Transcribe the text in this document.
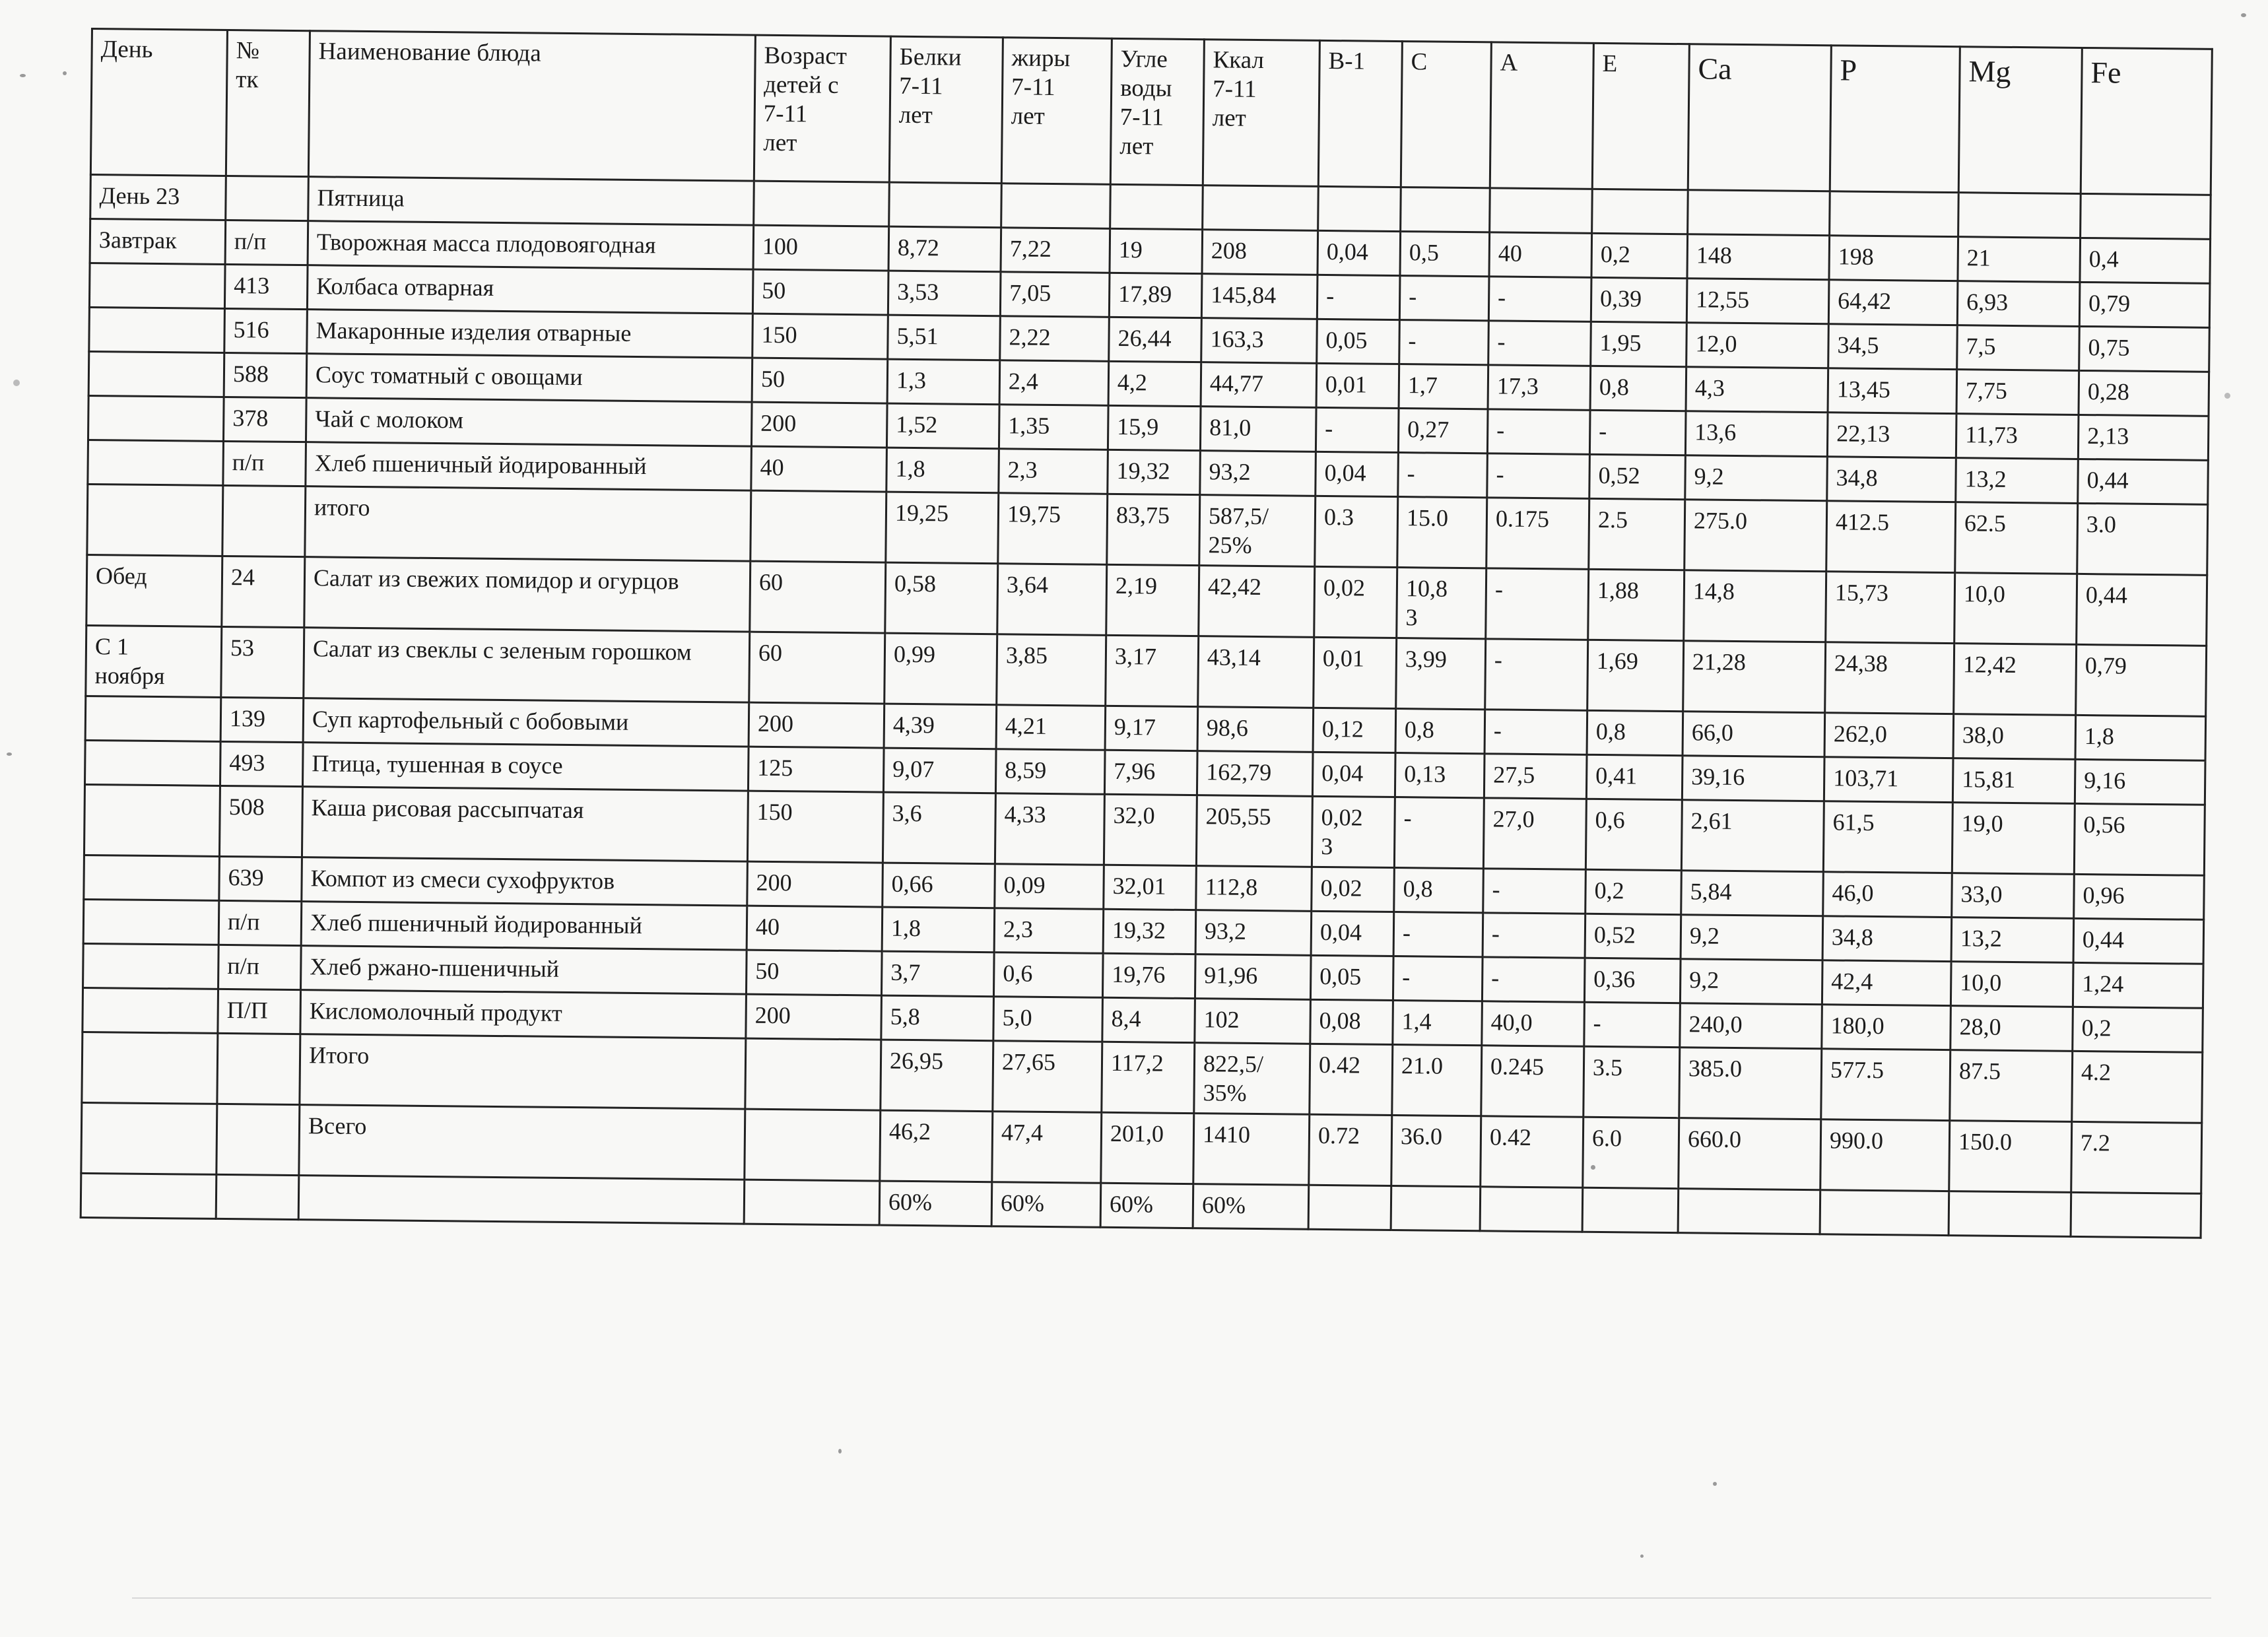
День	№
тк	Наименование блюда	Возраст
детей с
7-11
лет	Белки
7-11
лет	жиры
7-11
лет	Угле
воды
7-11
лет	Ккал
7-11
лет	В-1	С	А	Е	Са	Р	Mg	Fe
День 23		Пятница													
Завтрак	п/п	Творожная масса плодовоягодная	100	8,72	7,22	19	208	0,04	0,5	40	0,2	148	198	21	0,4
	413	Колбаса отварная	50	3,53	7,05	17,89	145,84	-	-	-	0,39	12,55	64,42	6,93	0,79
	516	Макаронные изделия отварные	150	5,51	2,22	26,44	163,3	0,05	-	-	1,95	12,0	34,5	7,5	0,75
	588	Соус томатный с овощами	50	1,3	2,4	4,2	44,77	0,01	1,7	17,3	0,8	4,3	13,45	7,75	0,28
	378	Чай с молоком	200	1,52	1,35	15,9	81,0	-	0,27	-	-	13,6	22,13	11,73	2,13
	п/п	Хлеб пшеничный йодированный	40	1,8	2,3	19,32	93,2	0,04	-	-	0,52	9,2	34,8	13,2	0,44
		итого		19,25	19,75	83,75	587,5/
25%	0.3	15.0	0.175	2.5	275.0	412.5	62.5	3.0
Обед	24	Салат из свежих помидор и огурцов	60	0,58	3,64	2,19	42,42	0,02	10,8
3	-	1,88	14,8	15,73	10,0	0,44
С 1
ноября	53	Салат из свеклы с зеленым горошком	60	0,99	3,85	3,17	43,14	0,01	3,99	-	1,69	21,28	24,38	12,42	0,79
	139	Суп картофельный с бобовыми	200	4,39	4,21	9,17	98,6	0,12	0,8	-	0,8	66,0	262,0	38,0	1,8
	493	Птица, тушенная в соусе	125	9,07	8,59	7,96	162,79	0,04	0,13	27,5	0,41	39,16	103,71	15,81	9,16
	508	Каша рисовая рассыпчатая	150	3,6	4,33	32,0	205,55	0,02
3	-	27,0	0,6	2,61	61,5	19,0	0,56
	639	Компот из смеси сухофруктов	200	0,66	0,09	32,01	112,8	0,02	0,8	-	0,2	5,84	46,0	33,0	0,96
	п/п	Хлеб пшеничный йодированный	40	1,8	2,3	19,32	93,2	0,04	-	-	0,52	9,2	34,8	13,2	0,44
	п/п	Хлеб ржано-пшеничный	50	3,7	0,6	19,76	91,96	0,05	-	-	0,36	9,2	42,4	10,0	1,24
	П/П	Кисломолочный продукт	200	5,8	5,0	8,4	102	0,08	1,4	40,0	-	240,0	180,0	28,0	0,2
		Итого		26,95	27,65	117,2	822,5/
35%	0.42	21.0	0.245	3.5	385.0	577.5	87.5	4.2
		Всего		46,2	47,4	201,0	1410	0.72	36.0	0.42	6.0	660.0	990.0	150.0	7.2
				60%	60%	60%	60%								
